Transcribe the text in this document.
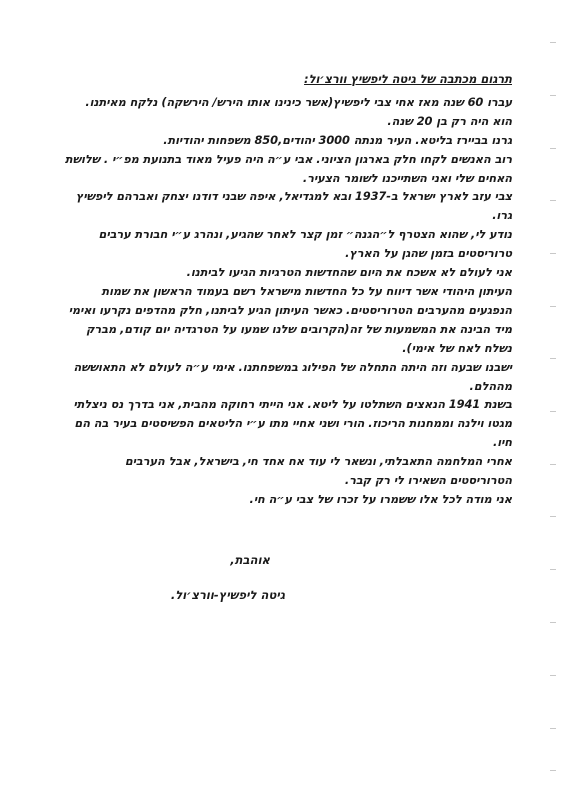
תרגום מכתבה של גיטה ליפשיץ וורצ׳ול:

עברו 60 שנה מאז אחי צבי ליפשיץ(אשר כינינו אותו הירש/ הירשקה) נלקח מאיתנו. הוא היה רק בן 20 שנה.

גרנו בביירז בליטא. העיר מנתה 3000 יהודים,850 משפחות יהודיות.

רוב האנשים לקחו חלק בארגון הציוני. אבי ע״ה היה פעיל מאוד בתנועת מפ״י . שלושת האחים שלי ואני השתייכנו לשומר הצעיר.

צבי עזב לארץ ישראל ב-1937 ובא למגדיאל, איפה שבני דודנו יצחק ואברהם ליפשיץ גרו.

נודע לי, שהוא הצטרף ל״הגנה״ זמן קצר לאחר שהגיע, ונהרג ע״י חבורת ערבים טרוריסטים בזמן שהגן על הארץ.

אני לעולם לא אשכח את היום שהחדשות הטרגיות הגיעו לביתנו.

העיתון היהודי אשר דיווח על כל החדשות מישראל רשם בעמוד הראשון את שמות הנפגעים מהערבים הטרוריסטים. כאשר העיתון הגיע לביתנו, חלק מהדפים נקרעו ואימי מיד הבינה את המשמעות של זה(הקרובים שלנו שמעו על הטרגדיה יום קודם, מברק נשלח לאח של אימי).

ישבנו שבעה וזה היתה התחלה של הפילוג במשפחתנו. אימי ע״ה לעולם לא התאוששה מההלם.

בשנת 1941 הנאצים השתלטו על ליטא. אני הייתי רחוקה מהבית, אני בדרך נס ניצלתי מגטו וילנה וממחנות הריכוז. הורי ושני אחיי מתו ע״י הליטאים הפשיסטים בעיר בה הם חיו.

אחרי המלחמה התאבלתי, ונשאר לי עוד אח אחד חי, בישראל, אבל הערבים הטרוריסטים השאירו לי רק קבר.

אני מודה לכל אלו ששמרו על זכרו של צבי ע״ה חי.

אוהבת,
גיטה ליפשיץ-וורצ׳ול.
